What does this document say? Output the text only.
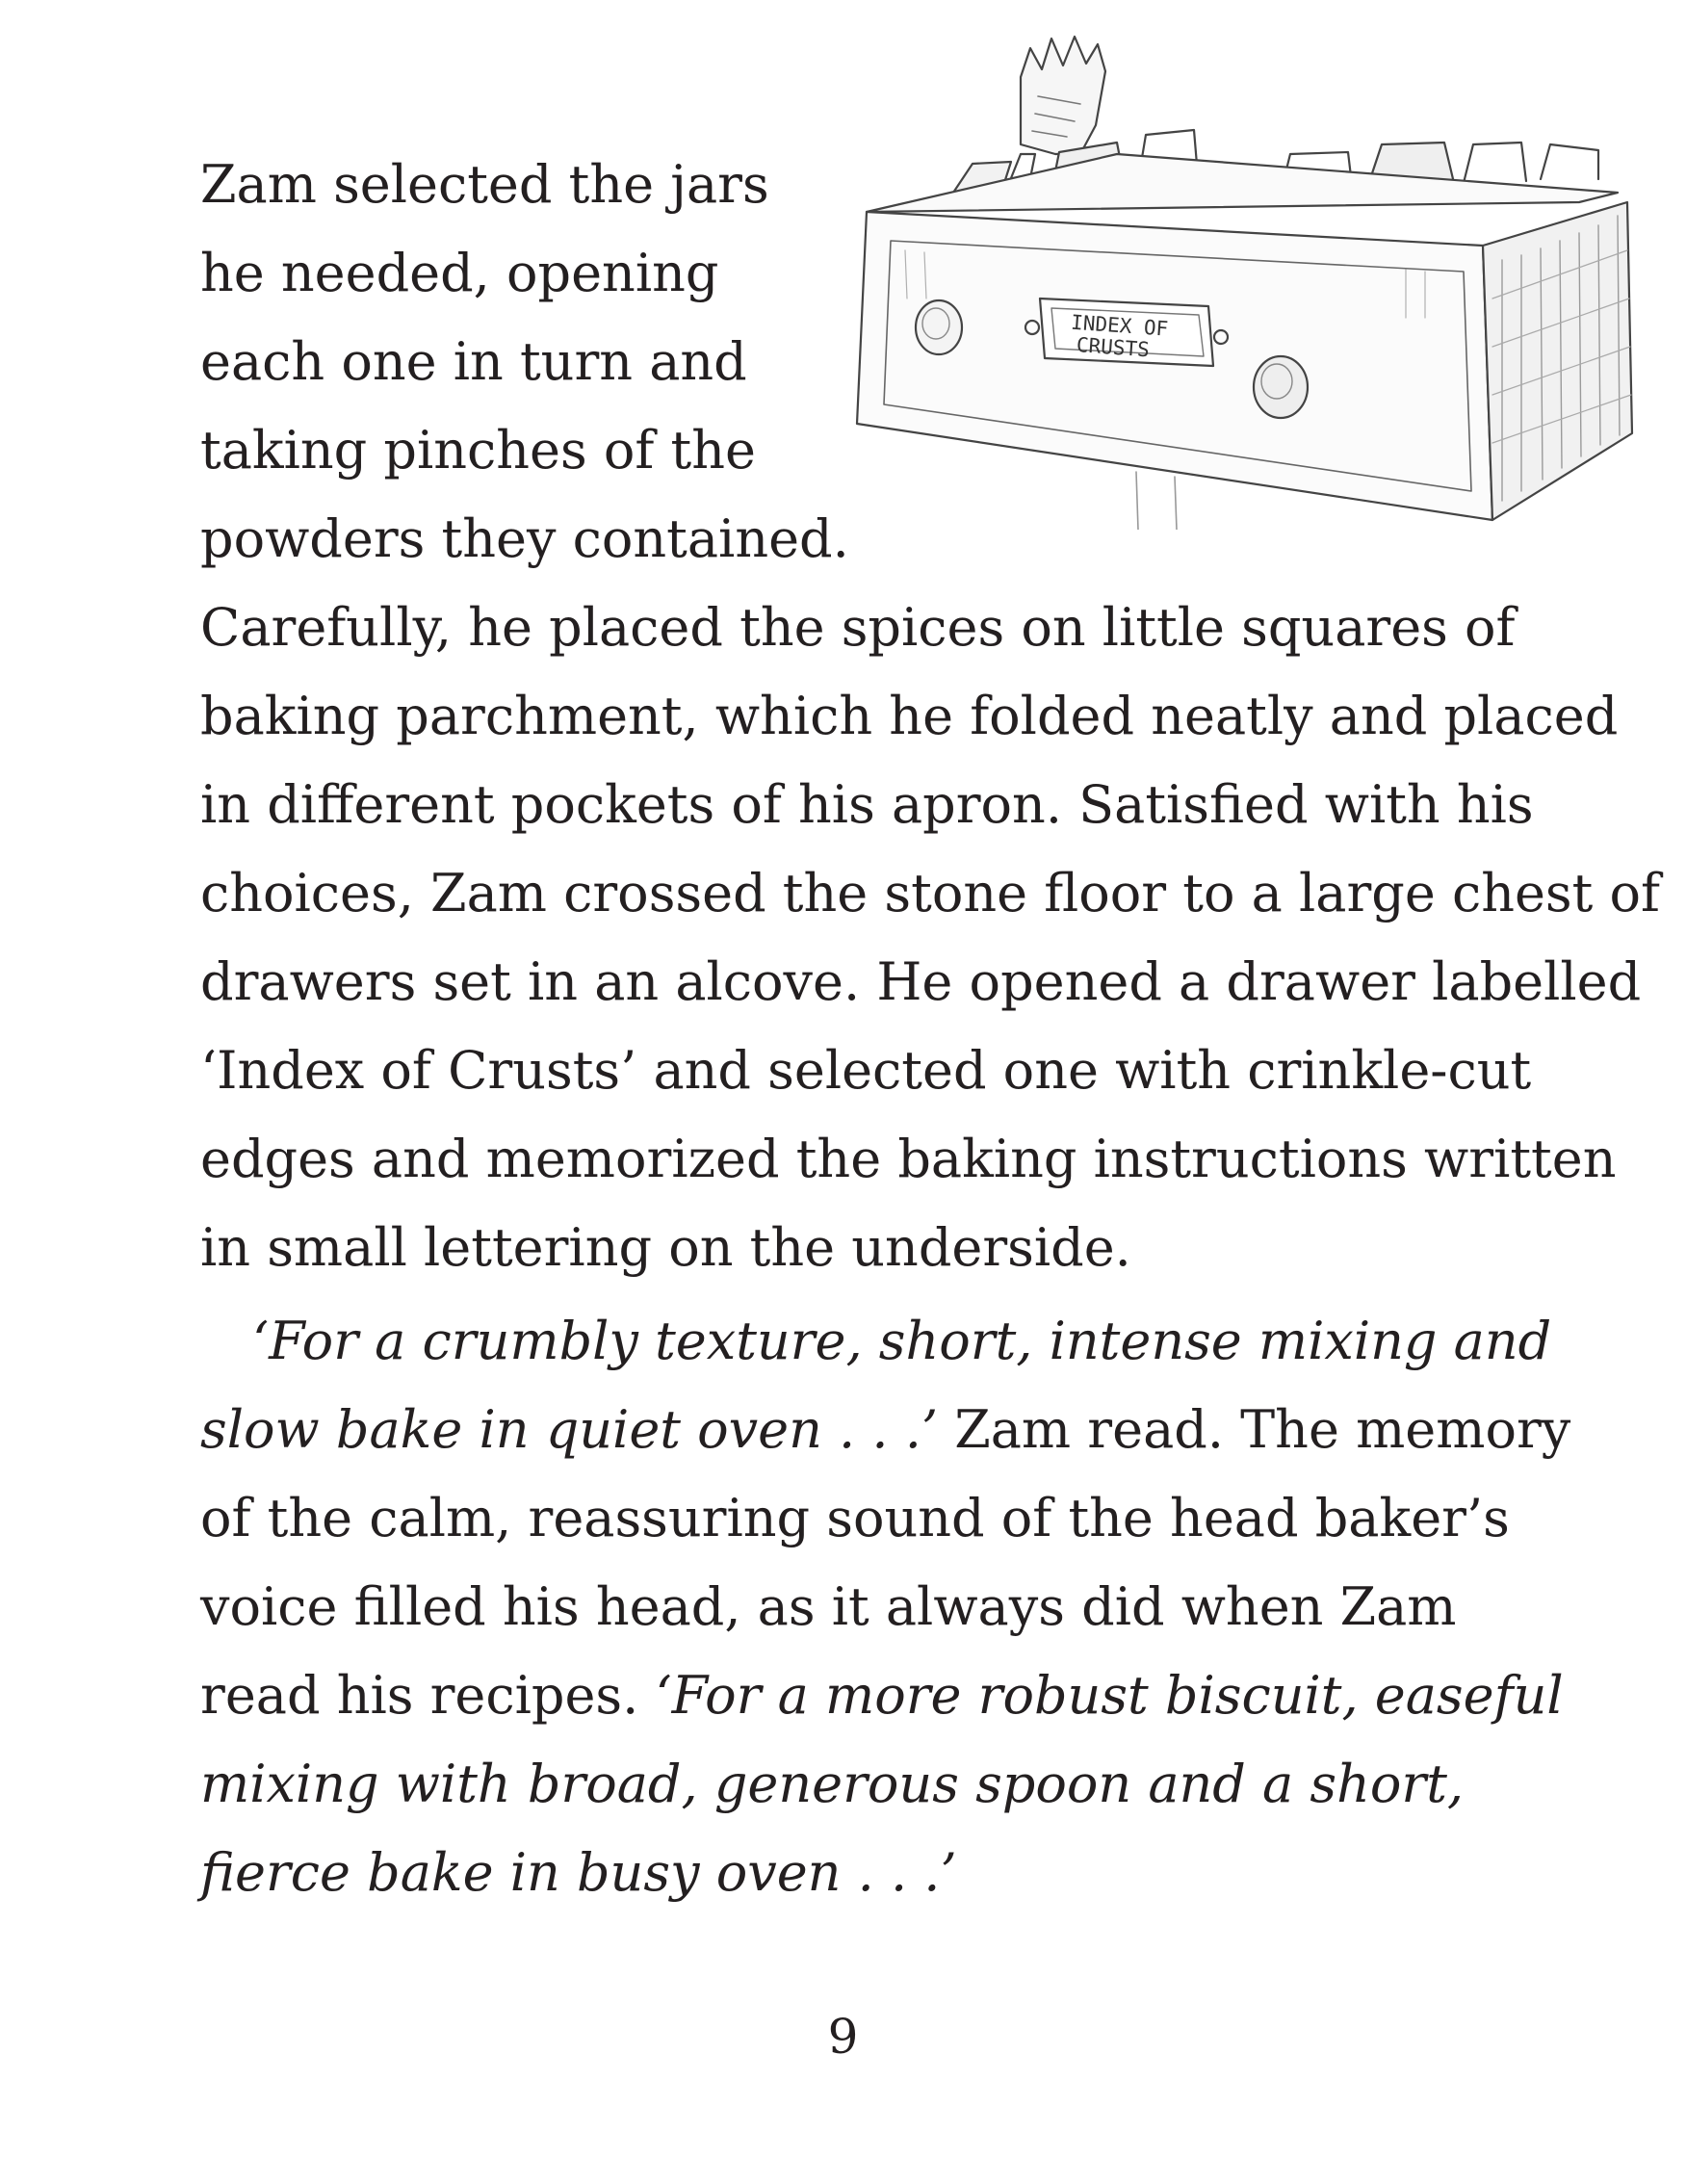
INDEX OF
CRUSTS
Zam selected the jars
he needed, opening
each one in turn and
taking pinches of the
powders they contained.
Carefully, he placed the spices on little squares of
baking parchment, which he folded neatly and placed
in different pockets of his apron. Satisfied with his
choices, Zam crossed the stone floor to a large chest of
drawers set in an alcove. He opened a drawer labelled
‘Index of Crusts’ and selected one with crinkle-cut
edges and memorized the baking instructions written
in small lettering on the underside.
‘For a crumbly texture, short, intense mixing and
slow bake in quiet oven . . .’ Zam read. The memory
of the calm, reassuring sound of the head baker’s
voice filled his head, as it always did when Zam
read his recipes. ‘For a more robust biscuit, easeful
mixing with broad, generous spoon and a short,
fierce bake in busy oven . . .’
9
